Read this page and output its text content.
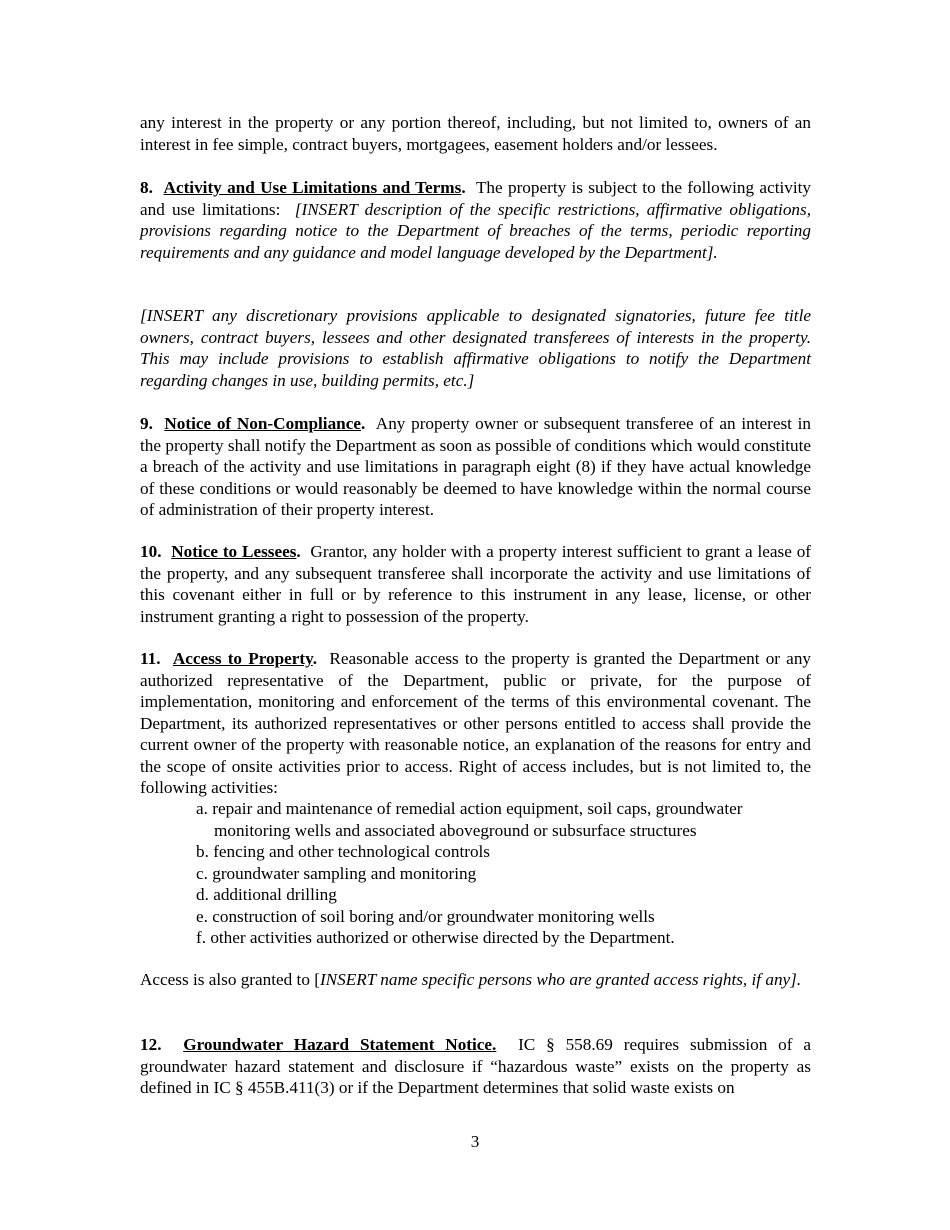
any interest in the property or any portion thereof, including, but not limited to, owners of an interest in fee simple, contract buyers, mortgagees, easement holders and/or lessees.

8. Activity and Use Limitations and Terms. The property is subject to the following activity and use limitations: [INSERT description of the specific restrictions, affirmative obligations, provisions regarding notice to the Department of breaches of the terms, periodic reporting requirements and any guidance and model language developed by the Department].

[INSERT any discretionary provisions applicable to designated signatories, future fee title owners, contract buyers, lessees and other designated transferees of interests in the property. This may include provisions to establish affirmative obligations to notify the Department regarding changes in use, building permits, etc.]

9. Notice of Non-Compliance. Any property owner or subsequent transferee of an interest in the property shall notify the Department as soon as possible of conditions which would constitute a breach of the activity and use limitations in paragraph eight (8) if they have actual knowledge of these conditions or would reasonably be deemed to have knowledge within the normal course of administration of their property interest.

10. Notice to Lessees. Grantor, any holder with a property interest sufficient to grant a lease of the property, and any subsequent transferee shall incorporate the activity and use limitations of this covenant either in full or by reference to this instrument in any lease, license, or other instrument granting a right to possession of the property.

11. Access to Property. Reasonable access to the property is granted the Department or any authorized representative of the Department, public or private, for the purpose of implementation, monitoring and enforcement of the terms of this environmental covenant. The Department, its authorized representatives or other persons entitled to access shall provide the current owner of the property with reasonable notice, an explanation of the reasons for entry and the scope of onsite activities prior to access. Right of access includes, but is not limited to, the following activities:

a. repair and maintenance of remedial action equipment, soil caps, groundwater monitoring wells and associated aboveground or subsurface structures
b. fencing and other technological controls
c. groundwater sampling and monitoring
d. additional drilling
e. construction of soil boring and/or groundwater monitoring wells
f. other activities authorized or otherwise directed by the Department.

Access is also granted to [INSERT name specific persons who are granted access rights, if any].

12. Groundwater Hazard Statement Notice. IC § 558.69 requires submission of a groundwater hazard statement and disclosure if “hazardous waste” exists on the property as defined in IC § 455B.411(3) or if the Department determines that solid waste exists on

3
